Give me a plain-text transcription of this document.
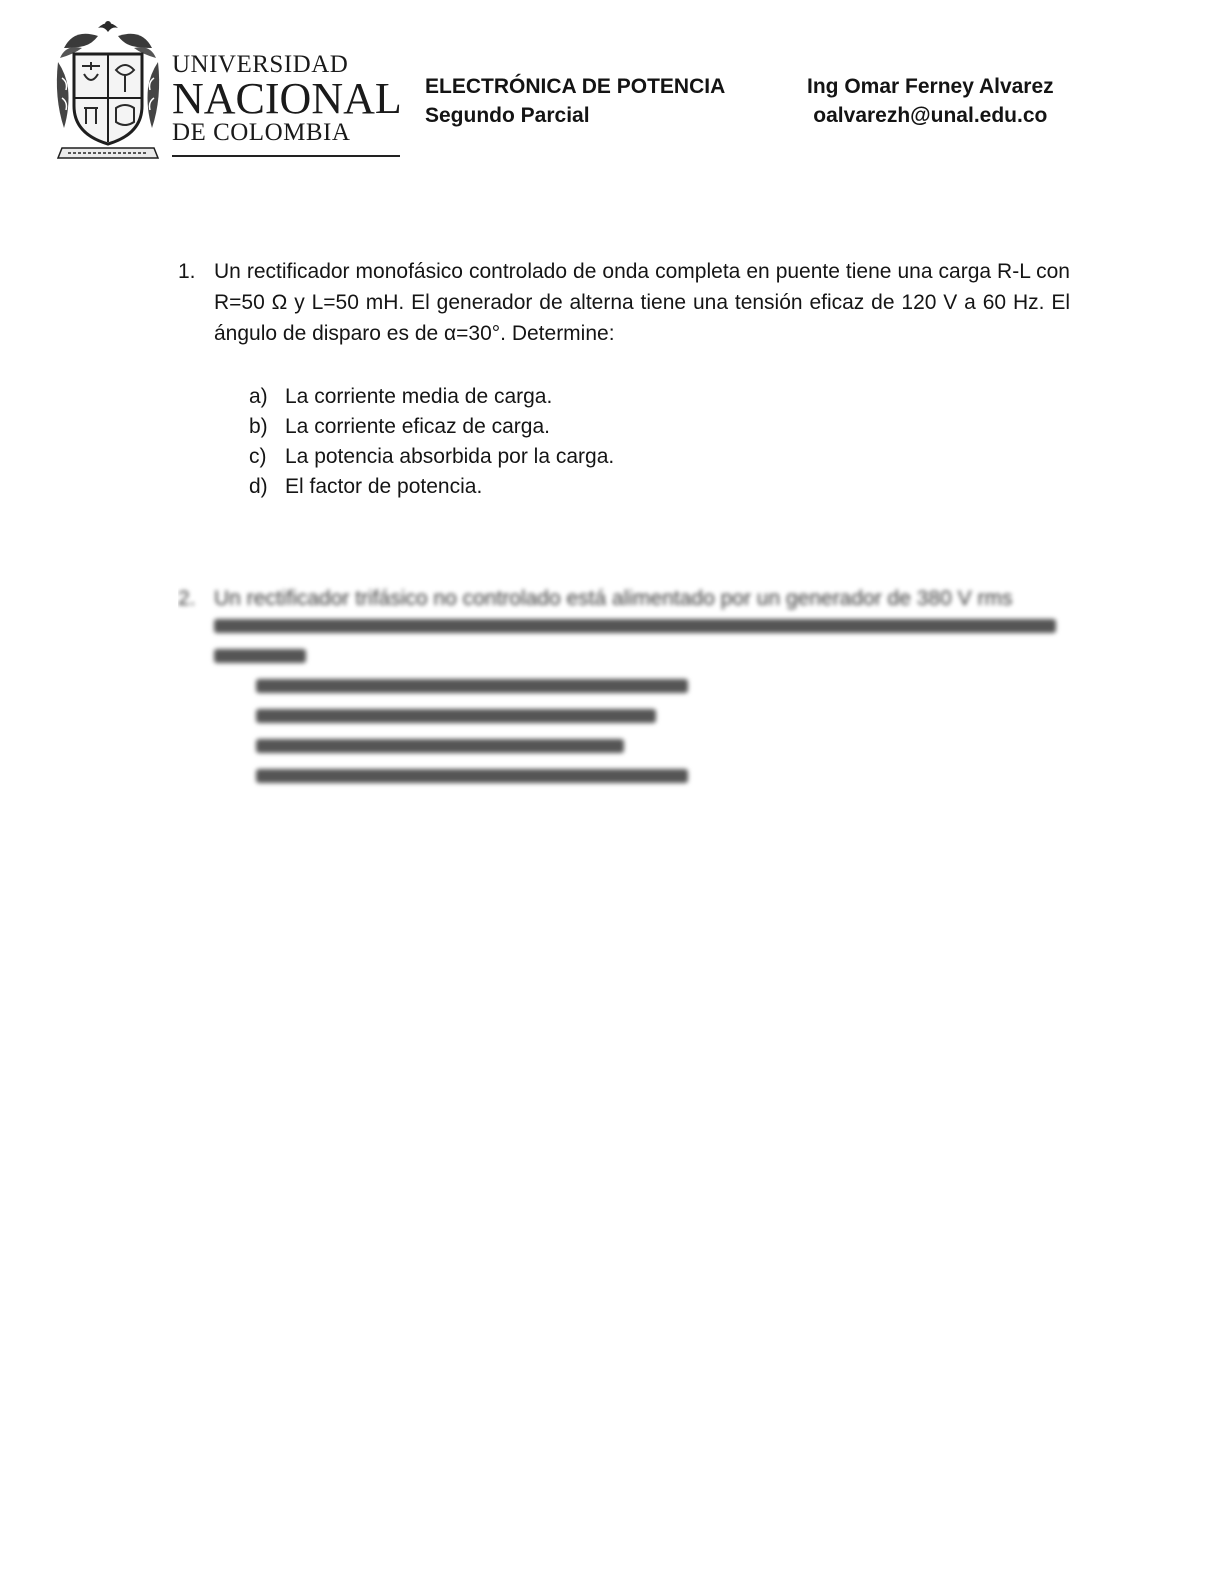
UNIVERSIDAD
NACIONAL
DE COLOMBIA
ELECTRÓNICA DE POTENCIA
Segundo Parcial
Ing Omar Ferney Alvarez
oalvarezh@unal.edu.co
1. Un rectificador monofásico controlado de onda completa en puente tiene una carga R-L con R=50 Ω y L=50 mH. El generador de alterna tiene una tensión eficaz de 120 V a 60 Hz. El ángulo de disparo es de α=30°. Determine:
a) La corriente media de carga.
b) La corriente eficaz de carga.
c) La potencia absorbida por la carga.
d) El factor de potencia.
2. Un rectificador trifásico no controlado está alimentado por un generador de 380 V rms
